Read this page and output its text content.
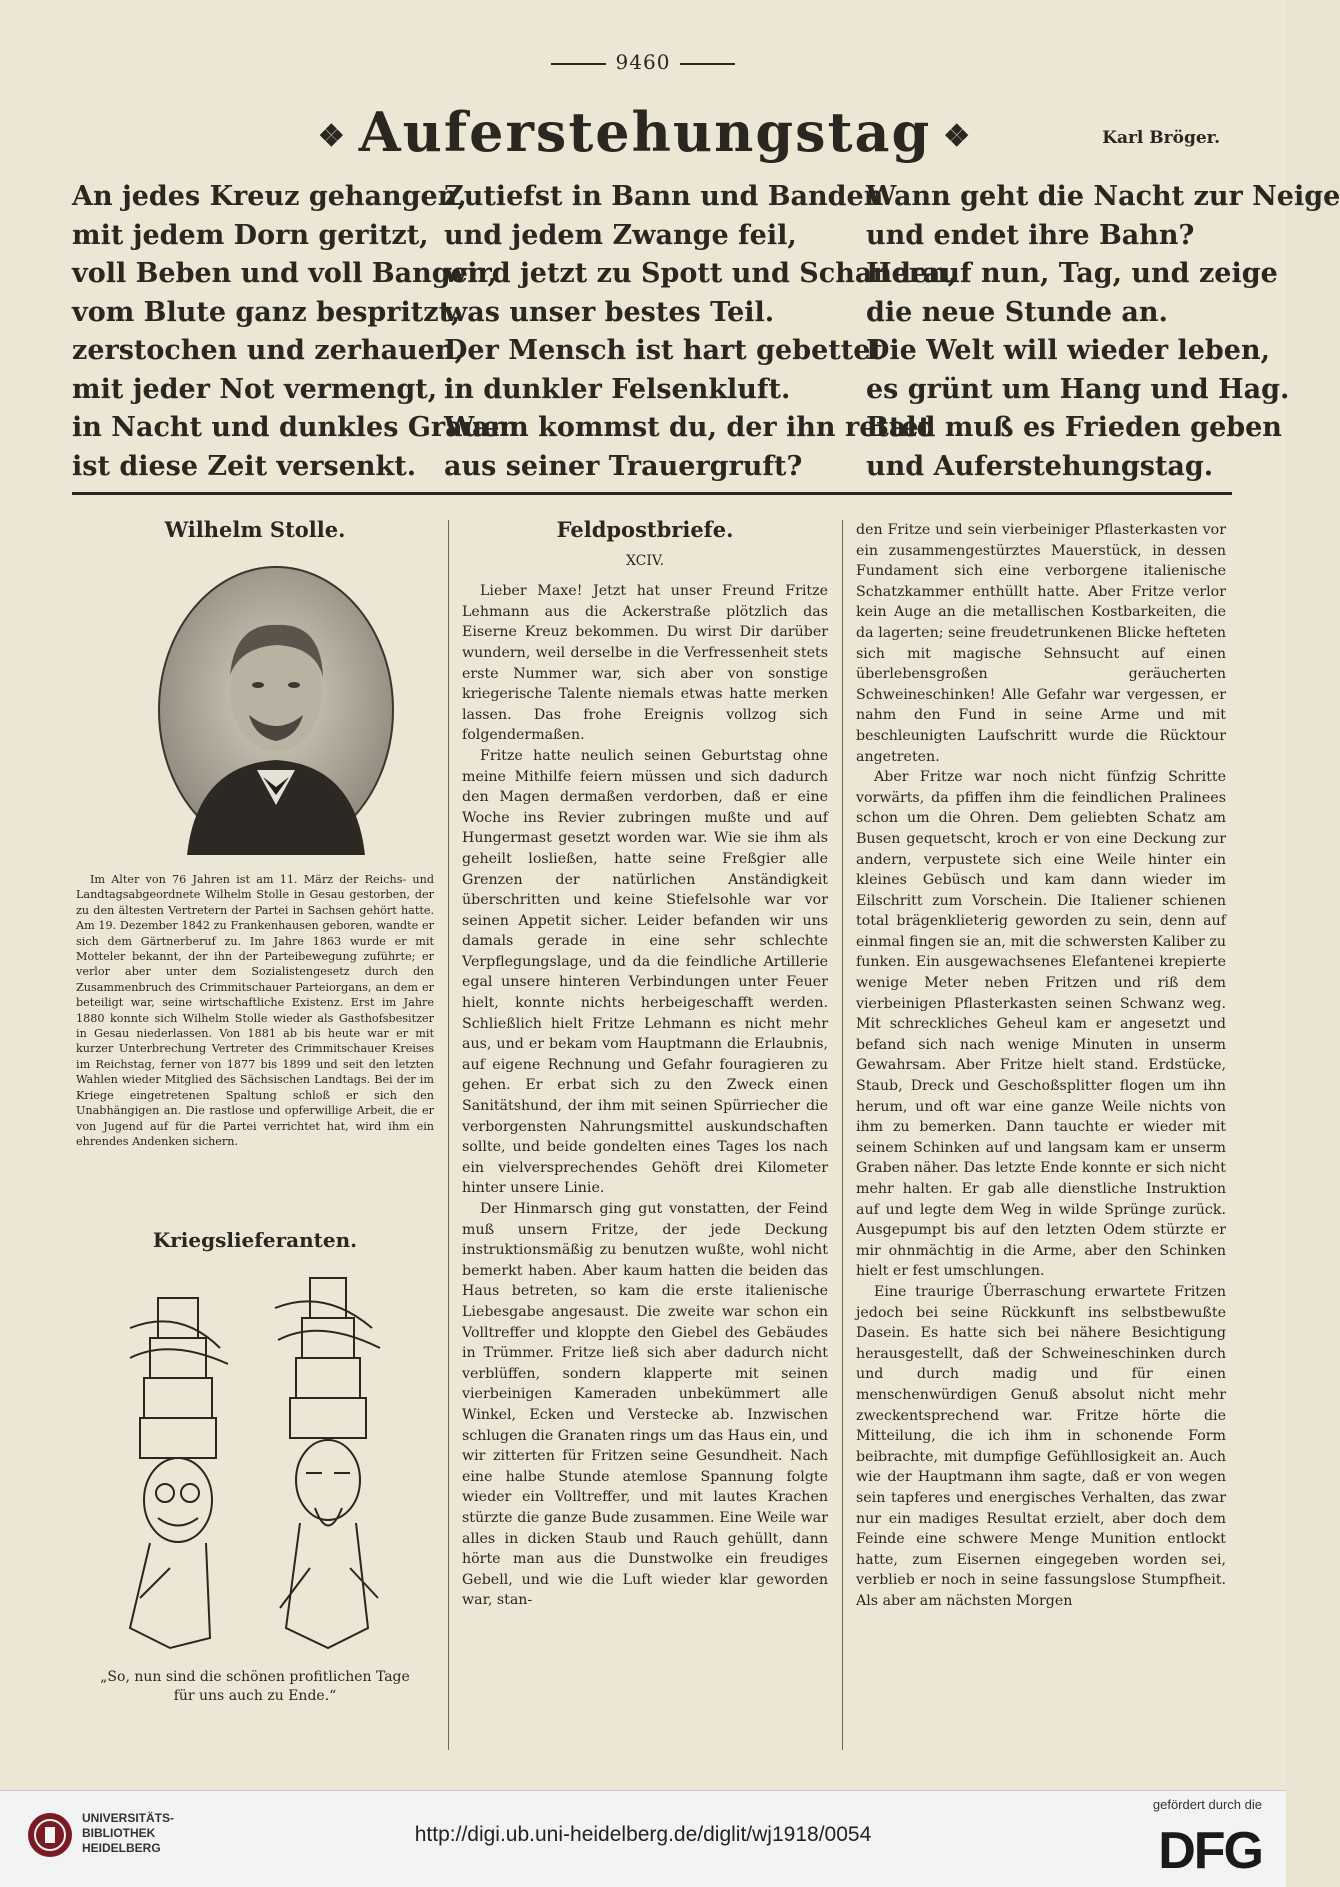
9460
❖ Auferstehungstag ❖	Karl Bröger.
An jedes Kreuz gehangen,
mit jedem Dorn geritzt,
voll Beben und voll Bangen,
vom Blute ganz bespritzt,
zerstochen und zerhauen,
mit jeder Not vermengt,
in Nacht und dunkles Grauen
ist diese Zeit versenkt.
Zutiefst in Bann und Banden
und jedem Zwange feil,
wird jetzt zu Spott und Schanden,
was unser bestes Teil.
Der Mensch ist hart gebettet
in dunkler Felsenkluft.
Wann kommst du, der ihn rettet
aus seiner Trauergruft?
Wann geht die Nacht zur Neige
und endet ihre Bahn?
Herauf nun, Tag, und zeige
die neue Stunde an.
Die Welt will wieder leben,
es grünt um Hang und Hag.
Bald muß es Frieden geben
und Auferstehungstag.
Wilhelm Stolle.

Im Alter von 76 Jahren ist am 11. März der Reichs- und Landtagsabgeordnete Wilhelm Stolle in Gesau gestorben, der zu den ältesten Vertretern der Partei in Sachsen gehört hatte. Am 19. Dezember 1842 zu Frankenhausen geboren, wandte er sich dem Gärtnerberuf zu. Im Jahre 1863 wurde er mit Motteler bekannt, der ihn der Parteibewegung zuführte; er verlor aber unter dem Sozialistengesetz durch den Zusammenbruch des Crimmitschauer Parteiorgans, an dem er beteiligt war, seine wirtschaftliche Existenz. Erst im Jahre 1880 konnte sich Wilhelm Stolle wieder als Gasthofsbesitzer in Gesau niederlassen. Von 1881 ab bis heute war er mit kurzer Unterbrechung Vertreter des Crimmitschauer Kreises im Reichstag, ferner von 1877 bis 1899 und seit den letzten Wahlen wieder Mitglied des Sächsischen Landtags. Bei der im Kriege eingetretenen Spaltung schloß er sich den Unabhängigen an. Die rastlose und opferwillige Arbeit, die er von Jugend auf für die Partei verrichtet hat, wird ihm ein ehrendes Andenken sichern.

Kriegslieferanten.
„So, nun sind die schönen profitlichen Tage
für uns auch zu Ende.“
Feldpostbriefe.
XCIV.

Lieber Maxe! Jetzt hat unser Freund Fritze Lehmann aus die Ackerstraße plötzlich das Eiserne Kreuz bekommen. Du wirst Dir darüber wundern, weil derselbe in die Verfressenheit stets erste Nummer war, sich aber von sonstige kriegerische Talente niemals etwas hatte merken lassen. Das frohe Ereignis vollzog sich folgendermaßen.

Fritze hatte neulich seinen Geburtstag ohne meine Mithilfe feiern müssen und sich dadurch den Magen dermaßen verdorben, daß er eine Woche ins Revier zubringen mußte und auf Hungermast gesetzt worden war. Wie sie ihm als geheilt losließen, hatte seine Freßgier alle Grenzen der natürlichen Anständigkeit überschritten und keine Stiefelsohle war vor seinen Appetit sicher. Leider befanden wir uns damals gerade in eine sehr schlechte Verpflegungslage, und da die feindliche Artillerie egal unsere hinteren Verbindungen unter Feuer hielt, konnte nichts herbeigeschafft werden. Schließlich hielt Fritze Lehmann es nicht mehr aus, und er bekam vom Hauptmann die Erlaubnis, auf eigene Rechnung und Gefahr fouragieren zu gehen. Er erbat sich zu den Zweck einen Sanitätshund, der ihm mit seinen Spürriecher die verborgensten Nahrungsmittel auskundschaften sollte, und beide gondelten eines Tages los nach ein vielversprechendes Gehöft drei Kilometer hinter unsere Linie.

Der Hinmarsch ging gut vonstatten, der Feind muß unsern Fritze, der jede Deckung instruktionsmäßig zu benutzen wußte, wohl nicht bemerkt haben. Aber kaum hatten die beiden das Haus betreten, so kam die erste italienische Liebesgabe angesaust. Die zweite war schon ein Volltreffer und kloppte den Giebel des Gebäudes in Trümmer. Fritze ließ sich aber dadurch nicht verblüffen, sondern klapperte mit seinen vierbeinigen Kameraden unbekümmert alle Winkel, Ecken und Verstecke ab. Inzwischen schlugen die Granaten rings um das Haus ein, und wir zitterten für Fritzen seine Gesundheit. Nach eine halbe Stunde atemlose Spannung folgte wieder ein Volltreffer, und mit lautes Krachen stürzte die ganze Bude zusammen. Eine Weile war alles in dicken Staub und Rauch gehüllt, dann hörte man aus die Dunstwolke ein freudiges Gebell, und wie die Luft wieder klar geworden war, stan-

den Fritze und sein vierbeiniger Pflasterkasten vor ein zusammengestürztes Mauerstück, in dessen Fundament sich eine verborgene italienische Schatzkammer enthüllt hatte. Aber Fritze verlor kein Auge an die metallischen Kostbarkeiten, die da lagerten; seine freudetrunkenen Blicke hefteten sich mit magische Sehnsucht auf einen überlebensgroßen geräucherten Schweineschinken! Alle Gefahr war vergessen, er nahm den Fund in seine Arme und mit beschleunigten Laufschritt wurde die Rücktour angetreten.

Aber Fritze war noch nicht fünfzig Schritte vorwärts, da pfiffen ihm die feindlichen Pralinees schon um die Ohren. Dem geliebten Schatz am Busen gequetscht, kroch er von eine Deckung zur andern, verpustete sich eine Weile hinter ein kleines Gebüsch und kam dann wieder im Eilschritt zum Vorschein. Die Italiener schienen total brägenklieterig geworden zu sein, denn auf einmal fingen sie an, mit die schwersten Kaliber zu funken. Ein ausgewachsenes Elefantenei krepierte wenige Meter neben Fritzen und riß dem vierbeinigen Pflasterkasten seinen Schwanz weg. Mit schreckliches Geheul kam er angesetzt und befand sich nach wenige Minuten in unserm Gewahrsam. Aber Fritze hielt stand. Erdstücke, Staub, Dreck und Geschoßsplitter flogen um ihn herum, und oft war eine ganze Weile nichts von ihm zu bemerken. Dann tauchte er wieder mit seinem Schinken auf und langsam kam er unserm Graben näher. Das letzte Ende konnte er sich nicht mehr halten. Er gab alle dienstliche Instruktion auf und legte dem Weg in wilde Sprünge zurück. Ausgepumpt bis auf den letzten Odem stürzte er mir ohnmächtig in die Arme, aber den Schinken hielt er fest umschlungen.

Eine traurige Überraschung erwartete Fritzen jedoch bei seine Rückkunft ins selbstbewußte Dasein. Es hatte sich bei nähere Besichtigung herausgestellt, daß der Schweineschinken durch und durch madig und für einen menschenwürdigen Genuß absolut nicht mehr zweckentsprechend war. Fritze hörte die Mitteilung, die ich ihm in schonende Form beibrachte, mit dumpfige Gefühllosigkeit an. Auch wie der Hauptmann ihm sagte, daß er von wegen sein tapferes und energisches Verhalten, das zwar nur ein madiges Resultat erzielt, aber doch dem Feinde eine schwere Menge Munition entlockt hatte, zum Eisernen eingegeben worden sei, verblieb er noch in seine fassungslose Stumpfheit. Als aber am nächsten Morgen

UNIVERSITÄTS-
BIBLIOTHEK
HEIDELBERG
http://digi.ub.uni-heidelberg.de/diglit/wj1918/0054
gefördert durch die
DFG
